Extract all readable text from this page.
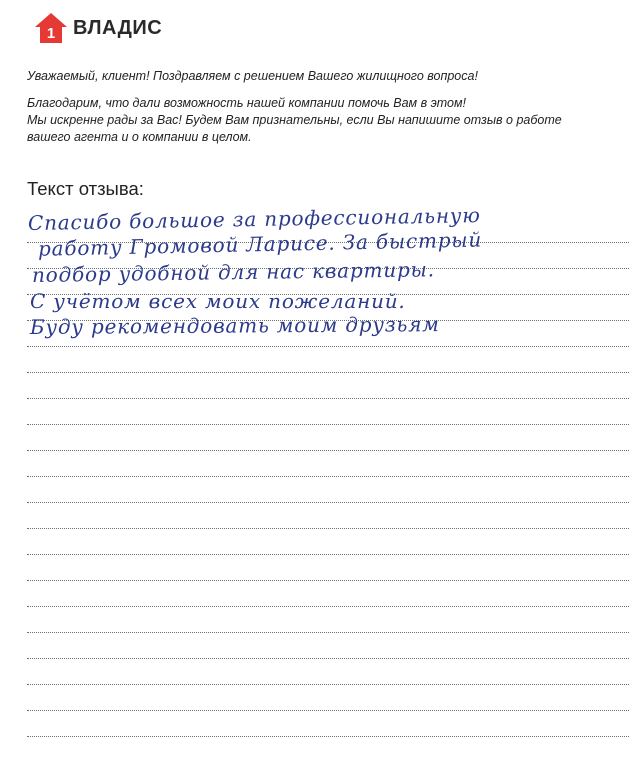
1 ВЛАДИС

Уважаемый, клиент! Поздравляем с решением Вашего жилищного вопроса!

Благодарим, что дали возможность нашей компании помочь Вам в этом!

Мы искренне рады за Вас! Будем Вам признательны, если Вы напишите отзыв о работе

вашего агента и о компании в целом.

Текст отзыва:
Спасибо большое за профессиональную
работу Громовой Ларисе. За быстрый
подбор удобной для нас квартиры.
С учётом всех моих пожеланий.
Буду рекомендовать моим друзьям
